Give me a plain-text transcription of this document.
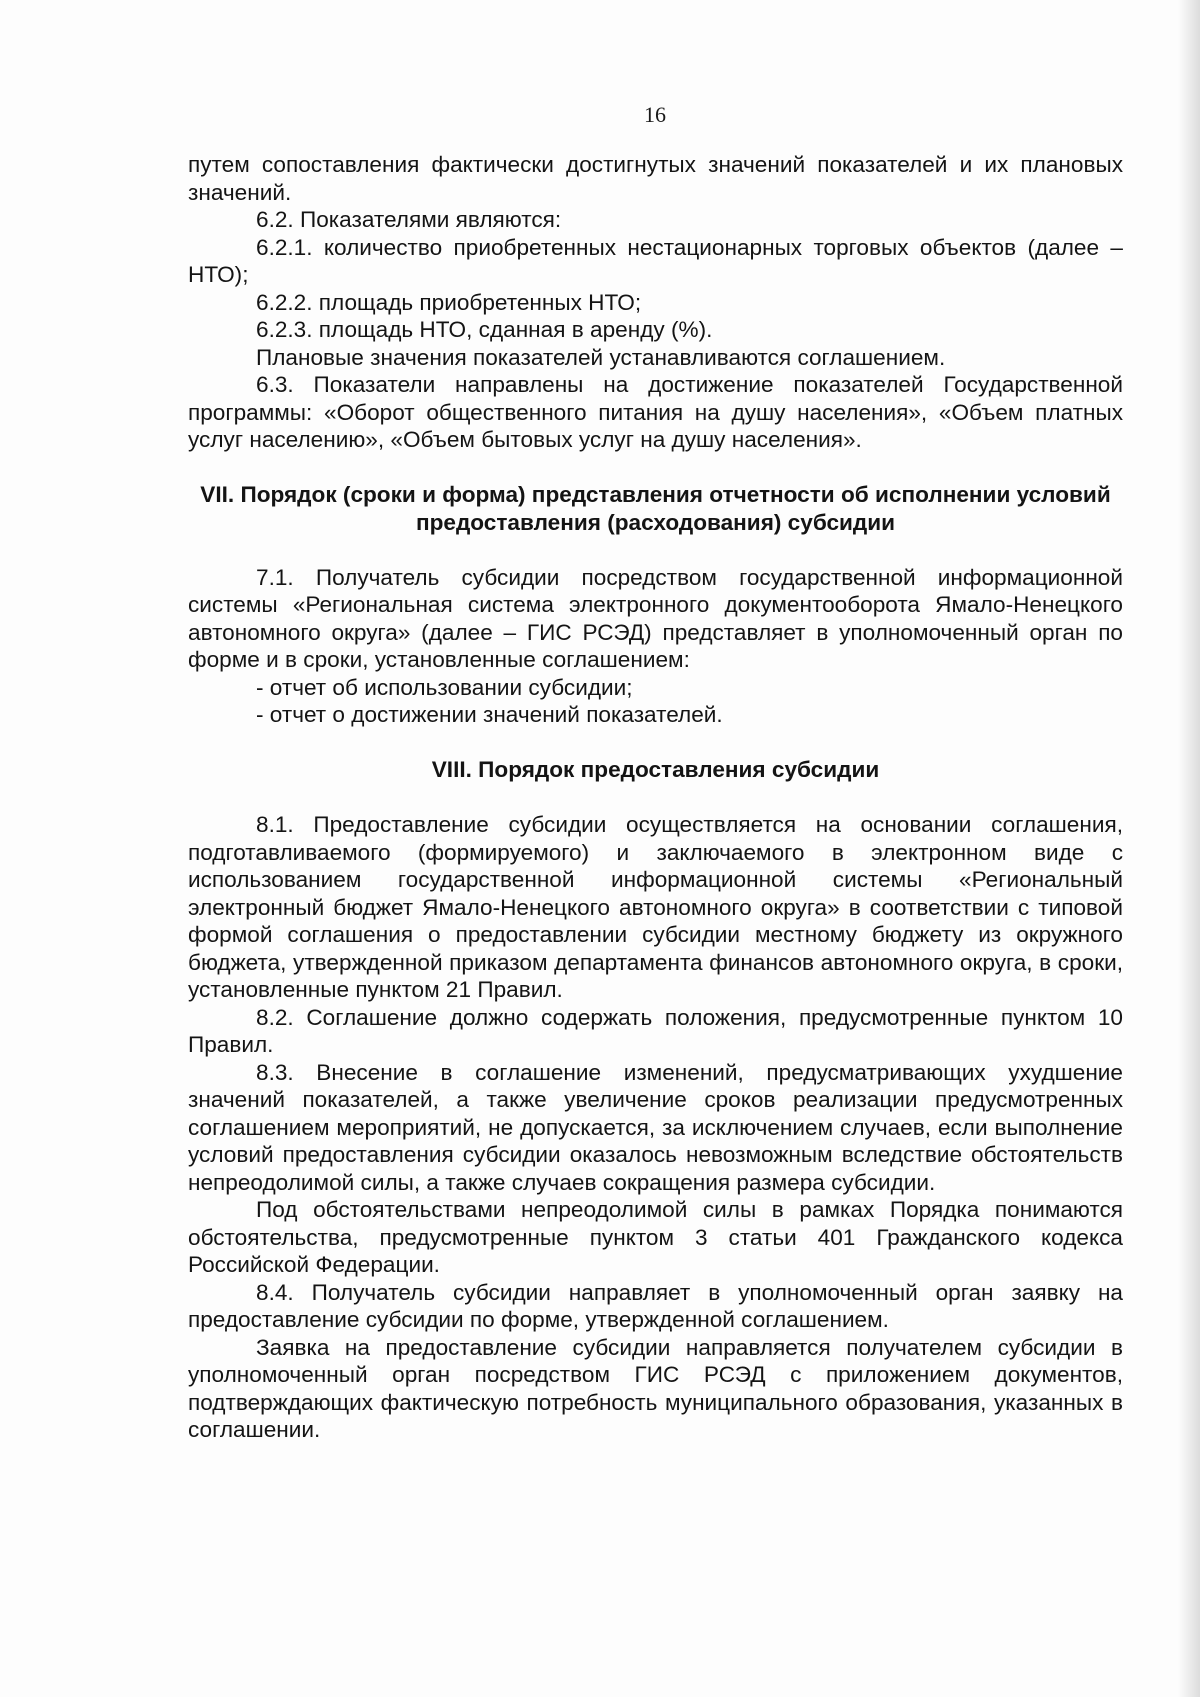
16

путем сопоставления фактически достигнутых значений показателей и их плановых значений.

6.2. Показателями являются:

6.2.1. количество приобретенных нестационарных торговых объектов (далее – НТО);

6.2.2. площадь приобретенных НТО;

6.2.3. площадь НТО, сданная в аренду (%).

Плановые значения показателей устанавливаются соглашением.

6.3. Показатели направлены на достижение показателей Государственной программы: «Оборот общественного питания на душу населения», «Объем платных услуг населению», «Объем бытовых услуг на душу населения».

VII. Порядок (сроки и форма) представления отчетности об исполнении условий предоставления (расходования) субсидии

7.1. Получатель субсидии посредством государственной информационной системы «Региональная система электронного документооборота Ямало-Ненецкого автономного округа» (далее – ГИС РСЭД) представляет в уполномоченный орган по форме и в сроки, установленные соглашением:

- отчет об использовании субсидии;

- отчет о достижении значений показателей.

VIII. Порядок предоставления субсидии

8.1. Предоставление субсидии осуществляется на основании соглашения, подготавливаемого (формируемого) и заключаемого в электронном виде с использованием государственной информационной системы «Региональный электронный бюджет Ямало-Ненецкого автономного округа» в соответствии с типовой формой соглашения о предоставлении субсидии местному бюджету из окружного бюджета, утвержденной приказом департамента финансов автономного округа, в сроки, установленные пунктом 21 Правил.

8.2. Соглашение должно содержать положения, предусмотренные пунктом 10 Правил.

8.3. Внесение в соглашение изменений, предусматривающих ухудшение значений показателей, а также увеличение сроков реализации предусмотренных соглашением мероприятий, не допускается, за исключением случаев, если выполнение условий предоставления субсидии оказалось невозможным вследствие обстоятельств непреодолимой силы, а также случаев сокращения размера субсидии.

Под обстоятельствами непреодолимой силы в рамках Порядка понимаются обстоятельства, предусмотренные пунктом 3 статьи 401 Гражданского кодекса Российской Федерации.

8.4. Получатель субсидии направляет в уполномоченный орган заявку на предоставление субсидии по форме, утвержденной соглашением.

Заявка на предоставление субсидии направляется получателем субсидии в уполномоченный орган посредством ГИС РСЭД с приложением документов, подтверждающих фактическую потребность муниципального образования, указанных в соглашении.
